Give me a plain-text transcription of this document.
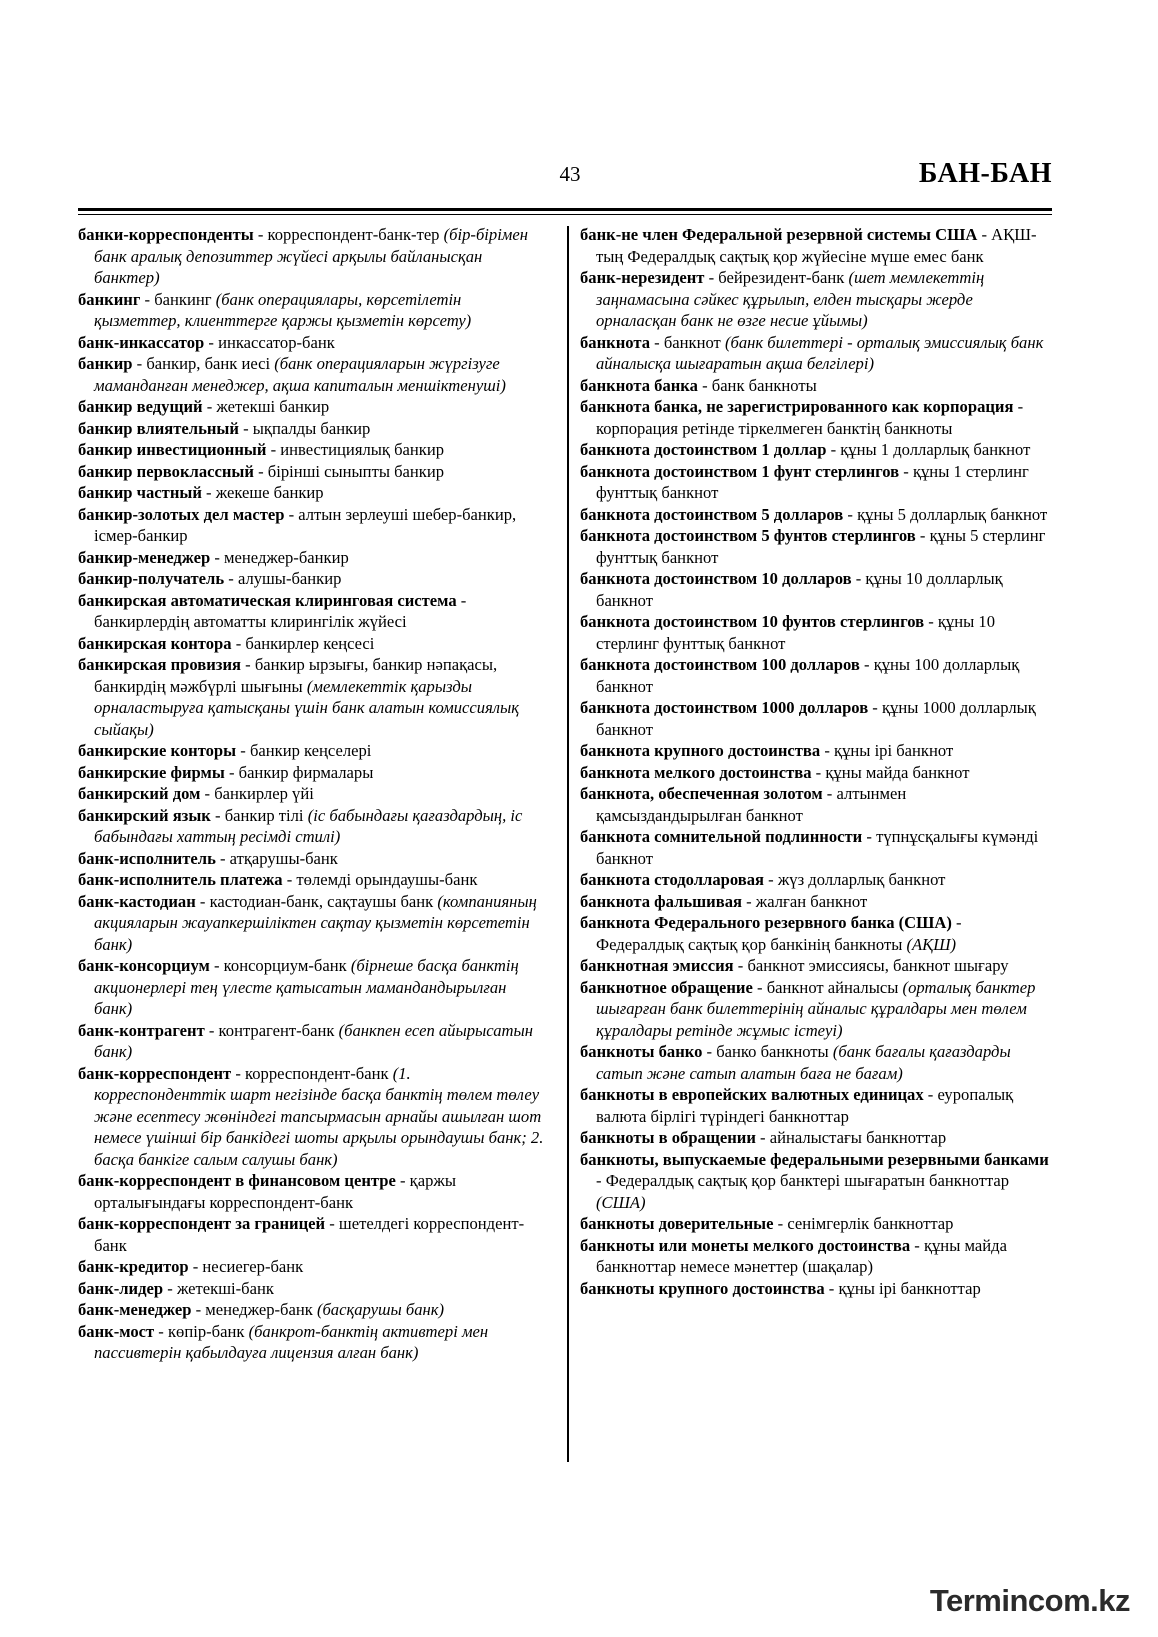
43	БАН-БАН
банки-корреспонденты - корреспондент-банк-тер (бір-бірімен банк аралық депозиттер жүйесі арқылы байланысқан банктер)
банкинг - банкинг (банк операциялары, көрсетілетін қызметтер, клиенттерге қаржы қызметін көрсету)
банк-инкассатор - инкассатор-банк
банкир - банкир, банк иесі (банк операцияларын жүргізуге маманданған менеджер, ақша капиталын меншіктенуші)
банкир ведущий - жетекші банкир
банкир влиятельный - ықпалды банкир
банкир инвестиционный - инвестициялық банкир
банкир первоклассный - бірінші сыныпты банкир
банкир частный - жекеше банкир
банкир-золотых дел мастер - алтын зерлеуші шебер-банкир, ісмер-банкир
банкир-менеджер - менеджер-банкир
банкир-получатель - алушы-банкир
банкирская автоматическая клиринговая система - банкирлердің автоматты клирингілік жүйесі
банкирская контора - банкирлер кеңсесі
банкирская провизия - банкир ырзығы, банкир нәпақасы, банкирдің мәжбүрлі шығыны (мемлекеттік қарызды орналастыруға қатысқаны үшін банк алатын комиссиялық сыйақы)
банкирские конторы - банкир кеңселері
банкирские фирмы - банкир фирмалары
банкирский дом - банкирлер үйі
банкирский язык - банкир тілі (іс бабындағы қағаздардың, іс бабындағы хаттың ресімді стилі)
банк-исполнитель - атқарушы-банк
банк-исполнитель платежа - төлемді орындаушы-банк
банк-кастодиан - кастодиан-банк, сақтаушы банк (компанияның акцияларын жауапкершіліктен сақтау қызметін көрсететін банк)
банк-консорциум - консорциум-банк (бірнеше басқа банктің акционерлері тең үлесте қатысатын мамандандырылған банк)
банк-контрагент - контрагент-банк (банкпен есеп айырысатын банк)
банк-корреспондент - корреспондент-банк (1. корреспонденттік шарт негізінде басқа банктің төлем төлеу және есептесу жөніндегі тапсырмасын арнайы ашылған шот немесе үшінші бір банкідегі шоты арқылы орындаушы банк; 2. басқа банкіге салым салушы банк)
банк-корреспондент в финансовом центре - қаржы орталығындағы корреспондент-банк
банк-корреспондент за границей - шетелдегі корреспондент-банк
банк-кредитор - несиегер-банк
банк-лидер - жетекші-банк
банк-менеджер - менеджер-банк (басқарушы банк)
банк-мост - көпір-банк (банкрот-банктің активтері мен пассивтерін қабылдауға лицензия алған банк)
банк-не член Федеральной резервной системы США - АҚШ-тың Федералдық сақтық қор жүйесіне мүше емес банк
банк-нерезидент - бейрезидент-банк (шет мемлекеттің заңнамасына сәйкес құрылып, елден тысқары жерде орналасқан банк не өзге несие ұйымы)
банкнота - банкнот (банк билеттері - орталық эмиссиялық банк айналысқа шығаратын ақша белгілері)
банкнота банка - банк банкноты
банкнота банка, не зарегистрированного как корпорация - корпорация ретінде тіркелмеген банктің банкноты
банкнота достоинством 1 доллар - құны 1 долларлық банкнот
банкнота достоинством 1 фунт стерлингов - құны 1 стерлинг фунттық банкнот
банкнота достоинством 5 долларов - құны 5 долларлық банкнот
банкнота достоинством 5 фунтов стерлингов - құны 5 стерлинг фунттық банкнот
банкнота достоинством 10 долларов - құны 10 долларлық банкнот
банкнота достоинством 10 фунтов стерлингов - құны 10 стерлинг фунттық банкнот
банкнота достоинством 100 долларов - құны 100 долларлық банкнот
банкнота достоинством 1000 долларов - құны 1000 долларлық банкнот
банкнота крупного достоинства - құны ірі банкнот
банкнота мелкого достоинства - құны майда банкнот
банкнота, обеспеченная золотом - алтынмен қамсыздандырылған банкнот
банкнота сомнительной подлинности - түпнұсқалығы күмәнді банкнот
банкнота стодолларовая - жүз долларлық банкнот
банкнота фальшивая - жалған банкнот
банкнота Федерального резервного банка (США) - Федералдық сақтық қор банкінің банкноты (АҚШ)
банкнотная эмиссия - банкнот эмиссиясы, банкнот шығару
банкнотное обращение - банкнот айналысы (орталық банктер шығарған банк билеттерінің айналыс құралдары мен төлем құралдары ретінде жұмыс істеуі)
банкноты банко - банко банкноты (банк бағалы қағаздарды сатып және сатып алатын баға не бағам)
банкноты в европейских валютных единицах - еуропалық валюта бірлігі түріндегі банкноттар
банкноты в обращении - айналыстағы банкноттар
банкноты, выпускаемые федеральными резервными банками - Федералдық сақтық қор банктері шығаратын банкноттар (США)
банкноты доверительные - сенімгерлік банкноттар
банкноты или монеты мелкого достоинства - құны майда банкноттар немесе мәнеттер (шақалар)
банкноты крупного достоинства - құны ірі банкноттар
Termincom.kz
